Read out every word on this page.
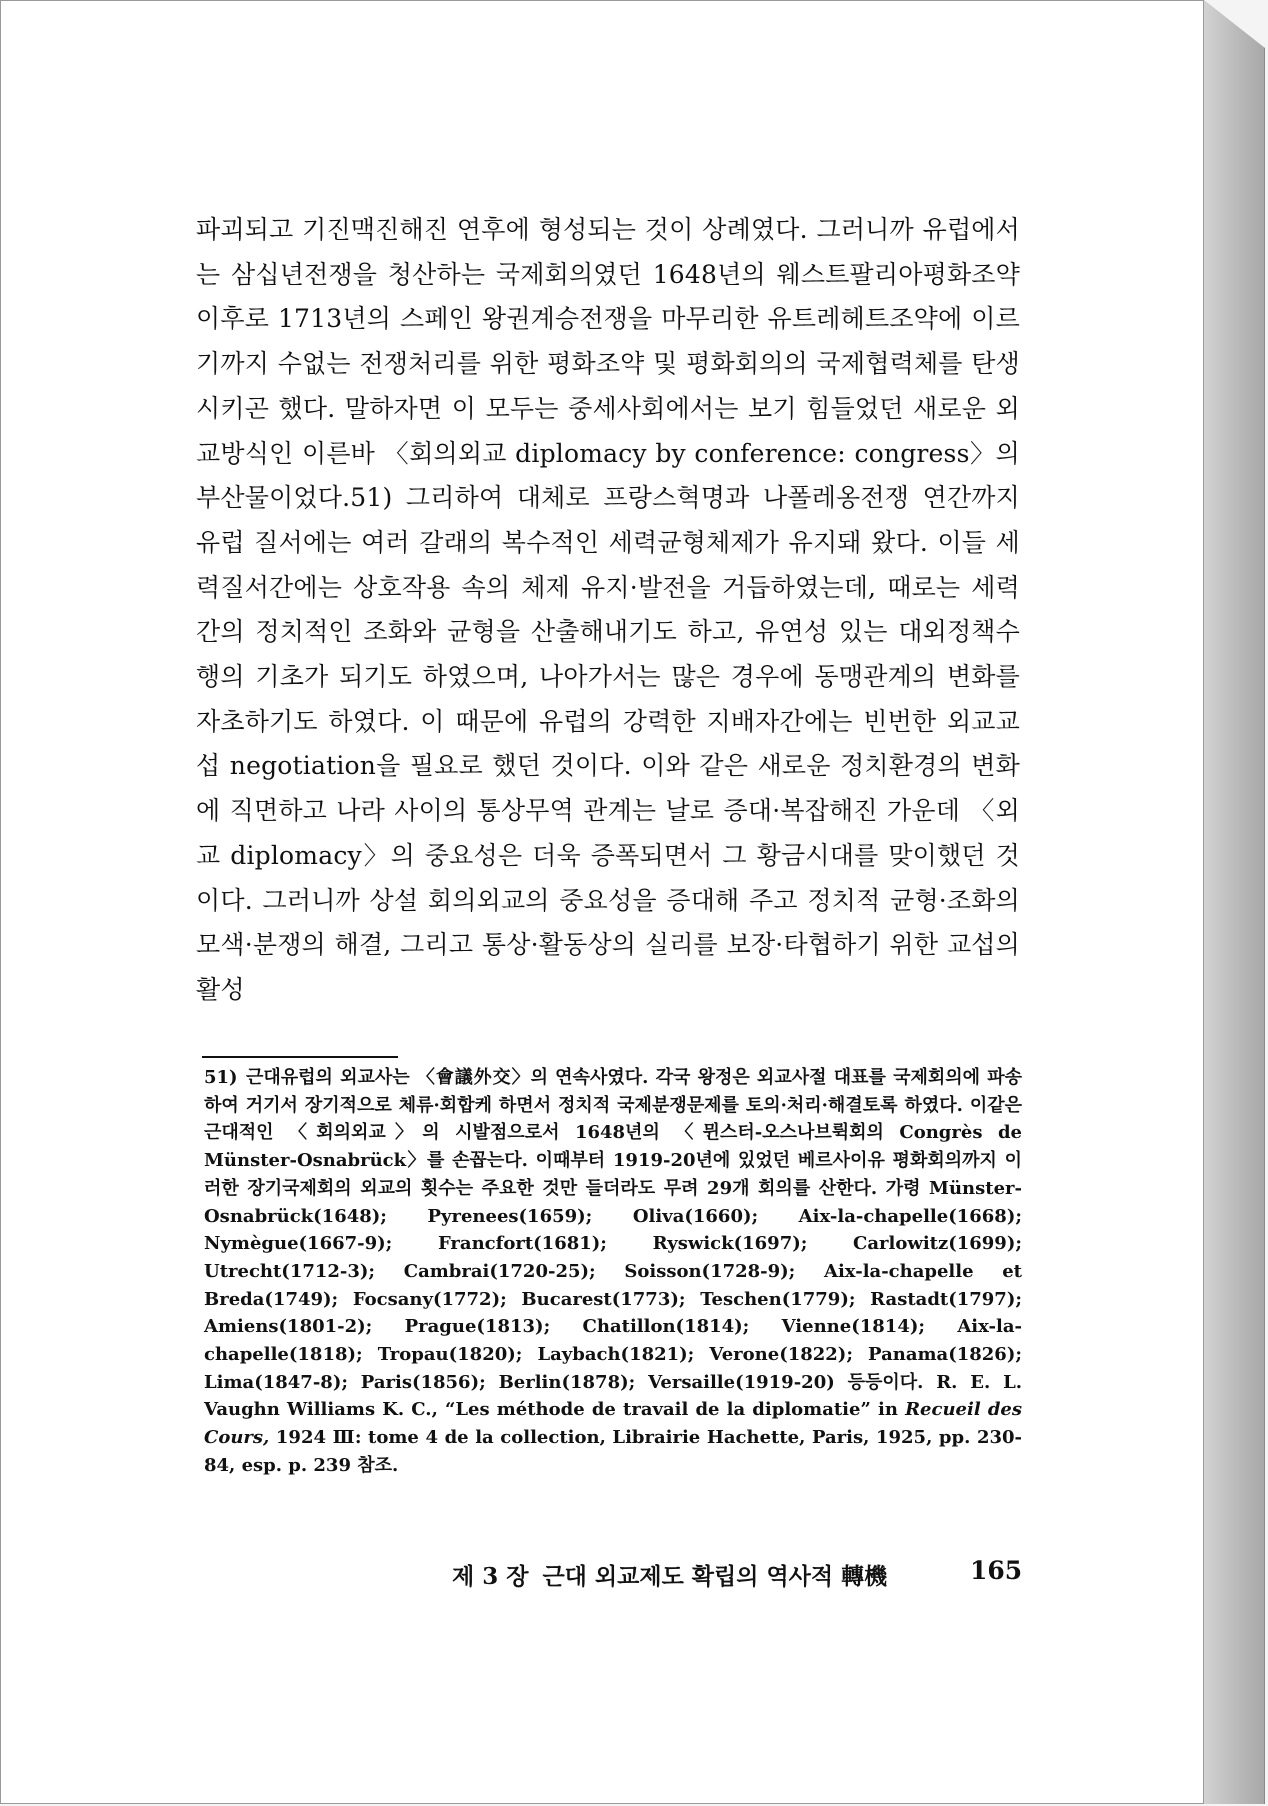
파괴되고 기진맥진해진 연후에 형성되는 것이 상례였다. 그러니까 유럽에서는 삼십년전쟁을 청산하는 국제회의였던 1648년의 웨스트팔리아평화조약 이후로 1713년의 스페인 왕권계승전쟁을 마무리한 유트레헤트조약에 이르기까지 수없는 전쟁처리를 위한 평화조약 및 평화회의의 국제협력체를 탄생시키곤 했다. 말하자면 이 모두는 중세사회에서는 보기 힘들었던 새로운 외교방식인 이른바 〈회의외교 diplomacy by conference: congress〉의 부산물이었다.51) 그리하여 대체로 프랑스혁명과 나폴레옹전쟁 연간까지 유럽 질서에는 여러 갈래의 복수적인 세력균형체제가 유지돼 왔다. 이들 세력질서간에는 상호작용 속의 체제 유지·발전을 거듭하였는데, 때로는 세력간의 정치적인 조화와 균형을 산출해내기도 하고, 유연성 있는 대외정책수행의 기초가 되기도 하였으며, 나아가서는 많은 경우에 동맹관계의 변화를 자초하기도 하였다. 이 때문에 유럽의 강력한 지배자간에는 빈번한 외교교섭 negotiation을 필요로 했던 것이다. 이와 같은 새로운 정치환경의 변화에 직면하고 나라 사이의 통상무역 관계는 날로 증대·복잡해진 가운데 〈외교 diplomacy〉의 중요성은 더욱 증폭되면서 그 황금시대를 맞이했던 것이다. 그러니까 상설 회의외교의 중요성을 증대해 주고 정치적 균형·조화의 모색·분쟁의 해결, 그리고 통상·활동상의 실리를 보장·타협하기 위한 교섭의 활성

51) 근대유럽의 외교사는 〈會議外交〉의 연속사였다. 각국 왕정은 외교사절 대표를 국제회의에 파송하여 거기서 장기적으로 체류·회합케 하면서 정치적 국제분쟁문제를 토의·처리·해결토록 하였다. 이같은 근대적인 〈회의외교〉의 시발점으로서 1648년의 〈뮌스터-오스나브뤽회의 Congrès de Münster-Osnabrück〉를 손꼽는다. 이때부터 1919-20년에 있었던 베르사이유 평화회의까지 이러한 장기국제회의 외교의 횟수는 주요한 것만 들더라도 무려 29개 회의를 산한다. 가령 Münster-Osnabrück(1648); Pyrenees(1659); Oliva(1660); Aix-la-chapelle(1668); Nymègue(1667-9); Francfort(1681); Ryswick(1697); Carlowitz(1699); Utrecht(1712-3); Cambrai(1720-25); Soisson(1728-9); Aix-la-chapelle et Breda(1749); Focsany(1772); Bucarest(1773); Teschen(1779); Rastadt(1797); Amiens(1801-2); Prague(1813); Chatillon(1814); Vienne(1814); Aix-la-chapelle(1818); Tropau(1820); Laybach(1821); Verone(1822); Panama(1826); Lima(1847-8); Paris(1856); Berlin(1878); Versaille(1919-20) 등등이다. R. E. L. Vaughn Williams K. C., “Les méthode de travail de la diplomatie” in Recueil des Cours, 1924 Ⅲ: tome 4 de la collection, Librairie Hachette, Paris, 1925, pp. 230-84, esp. p. 239 참조.
제 3 장 근대 외교제도 확립의 역사적 轉機	165
